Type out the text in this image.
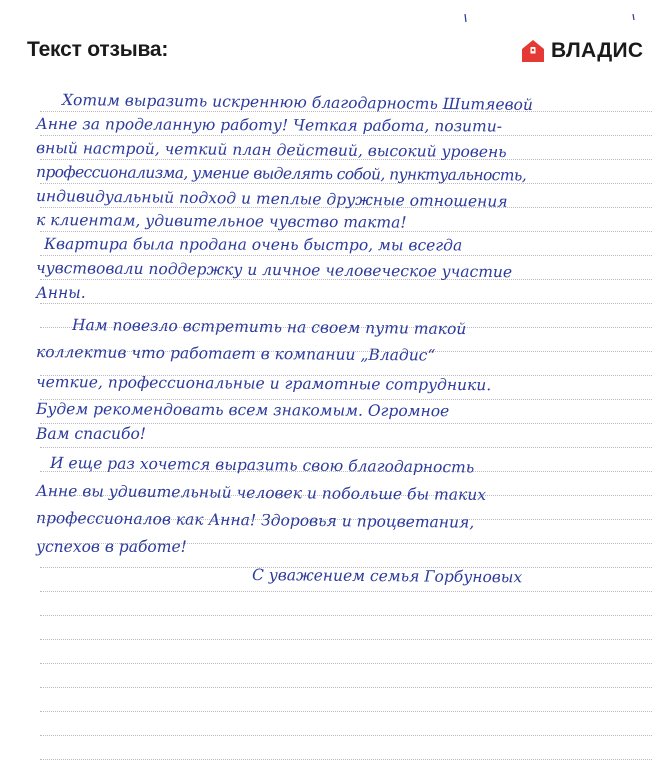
Текст отзыва:	ВЛАДИС
Хотим выразить искреннюю благодарность Шитяевой
Анне за проделанную работу! Четкая работа, позити-
вный настрой, четкий план действий, высокий уровень
профессионализма, умение выделять собой, пунктуальность,
индивидуальный подход и теплые дружные отношения
к клиентам, удивительное чувство такта!
Квартира была продана очень быстро, мы всегда
чувствовали поддержку и личное человеческое участие
Анны.
Нам повезло встретить на своем пути такой
коллектив что работает в компании „Владис“
четкие, профессиональные и грамотные сотрудники.
Будем рекомендовать всем знакомым. Огромное
Вам спасибо!
И еще раз хочется выразить свою благодарность
Анне вы удивительный человек и побольше бы таких
профессионалов как Анна! Здоровья и процветания,
успехов в работе!
С уважением семья Горбуновых
